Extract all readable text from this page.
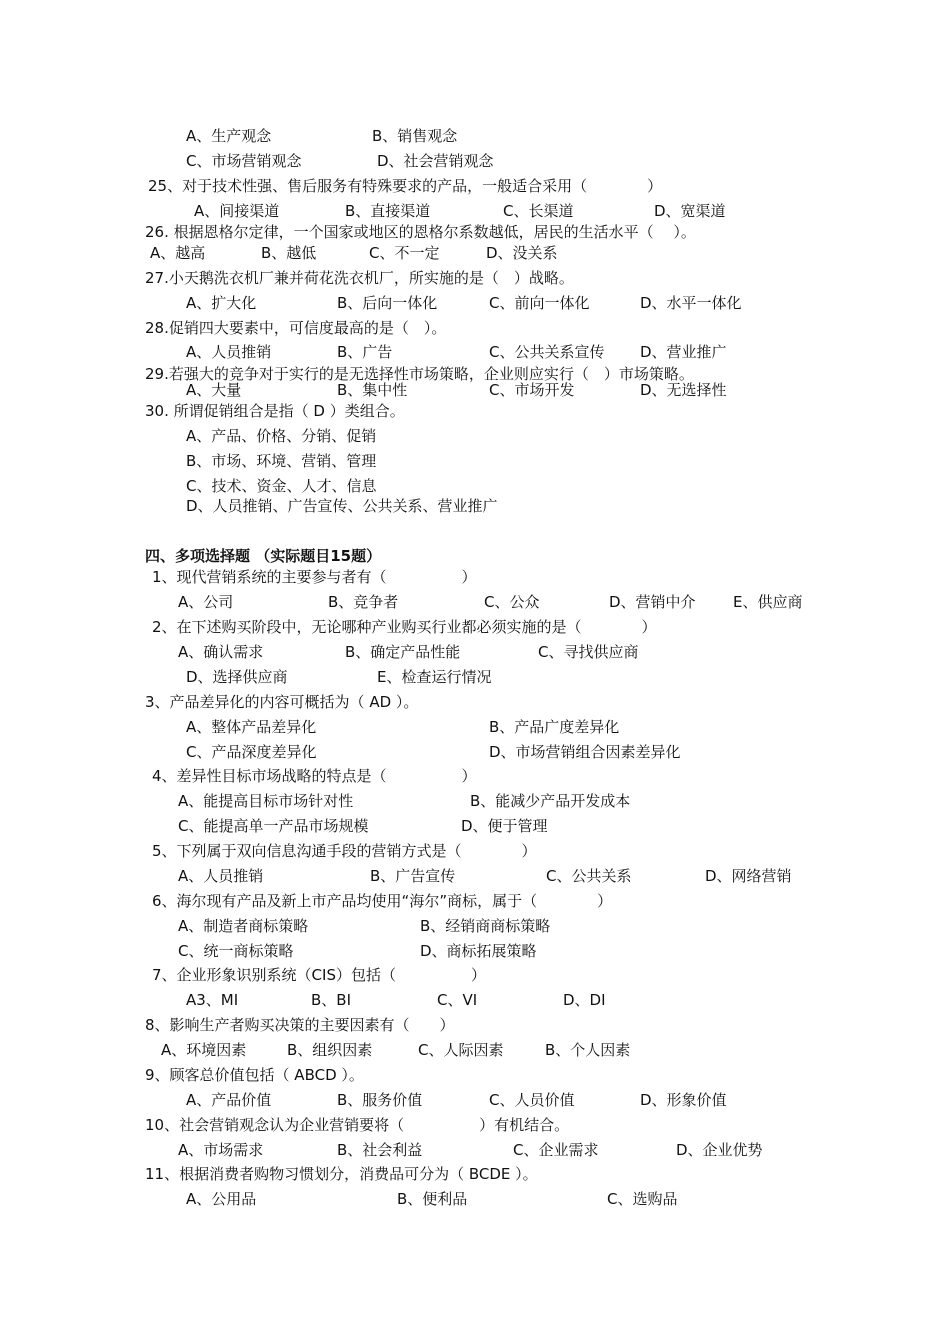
A、生产观念	B、销售观念
C、市场营销观念	D、社会营销观念
25、对于技术性强、售后服务有特殊要求的产品，一般适合采用（　　　　）
A、间接渠道	B、直接渠道	C、长渠道	D、宽渠道
26. 根据恩格尔定律，一个国家或地区的恩格尔系数越低，居民的生活水平（　 ）。
A、越高	B、越低	C、不一定	D、没关系
27.小天鹅洗衣机厂兼并荷花洗衣机厂，所实施的是（　）战略。
A、扩大化	B、后向一体化	C、前向一体化	D、水平一体化
28.促销四大要素中，可信度最高的是（　）。
A、人员推销	B、广告	C、公共关系宣传 D、营业推广
29.若强大的竞争对于实行的是无选择性市场策略，企业则应实行（　）市场策略。
A、大量	B、集中性	C、市场开发	D、无选择性
30. 所谓促销组合是指（ D ）类组合。
A、产品、价格、分销、促销
B、市场、环境、营销、管理
C、技术、资金、人才、信息
D、人员推销、广告宣传、公共关系、营业推广
四、多项选择题 （实际题目15题）
1、现代营销系统的主要参与者有（　　　　　）
A、公司	B、竞争者	C、公众	D、营销中介 E、供应商
2、在下述购买阶段中，无论哪种产业购买行业都必须实施的是（　　　　）
A、确认需求	B、确定产品性能	C、寻找供应商
D、选择供应商	E、检查运行情况
3、产品差异化的内容可概括为（ AD ）。
A、整体产品差异化	B、产品广度差异化
C、产品深度差异化	D、市场营销组合因素差异化
4、差异性目标市场战略的特点是（　　　　　）
A、能提高目标市场针对性	B、能减少产品开发成本
C、能提高单一产品市场规模	D、便于管理
5、下列属于双向信息沟通手段的营销方式是（　　　　）
A、人员推销	B、广告宣传	C、公共关系	D、网络营销
6、海尔现有产品及新上市产品均使用“海尔”商标，属于（　　　　）
A、制造者商标策略	B、经销商商标策略
C、统一商标策略	D、商标拓展策略
7、企业形象识别系统（CIS）包括（　　　　　）
A3、MI	B、BI	C、VI	D、DI
8、影响生产者购买决策的主要因素有（　　）
A、环境因素	B、组织因素	C、人际因素	B、个人因素
9、顾客总价值包括（ ABCD ）。
A、产品价值	B、服务价值	C、人员价值	D、形象价值
10、社会营销观念认为企业营销要将（　　　　　）有机结合。
A、市场需求	B、社会利益	C、企业需求	D、企业优势
11、根据消费者购物习惯划分，消费品可分为（ BCDE ）。
A、公用品	B、便利品	C、选购品
